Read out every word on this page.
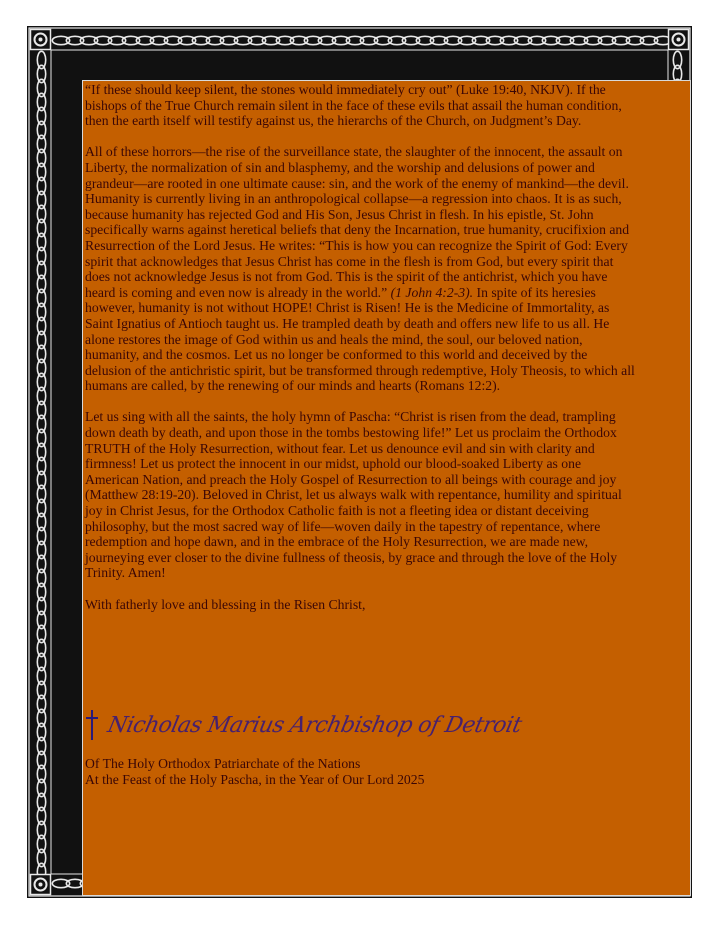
“If these should keep silent, the stones would immediately cry out” (Luke 19:40, NKJV). If the bishops of the True Church remain silent in the face of these evils that assail the human condition, then the earth itself will testify against us, the hierarchs of the Church, on Judgment’s Day.

All of these horrors—the rise of the surveillance state, the slaughter of the innocent, the assault on Liberty, the normalization of sin and blasphemy, and the worship and delusions of power and grandeur—are rooted in one ultimate cause: sin, and the work of the enemy of mankind—the devil. Humanity is currently living in an anthropological collapse—a regression into chaos. It is as such, because humanity has rejected God and His Son, Jesus Christ in flesh. In his epistle, St. John specifically warns against heretical beliefs that deny the Incarnation, true humanity, crucifixion and Resurrection of the Lord Jesus. He writes: “This is how you can recognize the Spirit of God: Every spirit that acknowledges that Jesus Christ has come in the flesh is from God, but every spirit that does not acknowledge Jesus is not from God. This is the spirit of the antichrist, which you have heard is coming and even now is already in the world.” (1 John 4:2-3). In spite of its heresies however, humanity is not without HOPE! Christ is Risen! He is the Medicine of Immortality, as Saint Ignatius of Antioch taught us. He trampled death by death and offers new life to us all. He alone restores the image of God within us and heals the mind, the soul, our beloved nation, humanity, and the cosmos. Let us no longer be conformed to this world and deceived by the delusion of the antichristic spirit, but be transformed through redemptive, Holy Theosis, to which all humans are called, by the renewing of our minds and hearts (Romans 12:2).

Let us sing with all the saints, the holy hymn of Pascha: “Christ is risen from the dead, trampling down death by death, and upon those in the tombs bestowing life!” Let us proclaim the Orthodox TRUTH of the Holy Resurrection, without fear. Let us denounce evil and sin with clarity and firmness! Let us protect the innocent in our midst, uphold our blood-soaked Liberty as one American Nation, and preach the Holy Gospel of Resurrection to all beings with courage and joy (Matthew 28:19-20). Beloved in Christ, let us always walk with repentance, humility and spiritual joy in Christ Jesus, for the Orthodox Catholic faith is not a fleeting idea or distant deceiving philosophy, but the most sacred way of life—woven daily in the tapestry of repentance, where redemption and hope dawn, and in the embrace of the Holy Resurrection, we are made new, journeying ever closer to the divine fullness of theosis, by grace and through the love of the Holy Trinity. Amen!

With fatherly love and blessing in the Risen Christ,

Nicholas Marius Archbishop of Detroit
Of The Holy Orthodox Patriarchate of the Nations
At the Feast of the Holy Pascha, in the Year of Our Lord 2025
